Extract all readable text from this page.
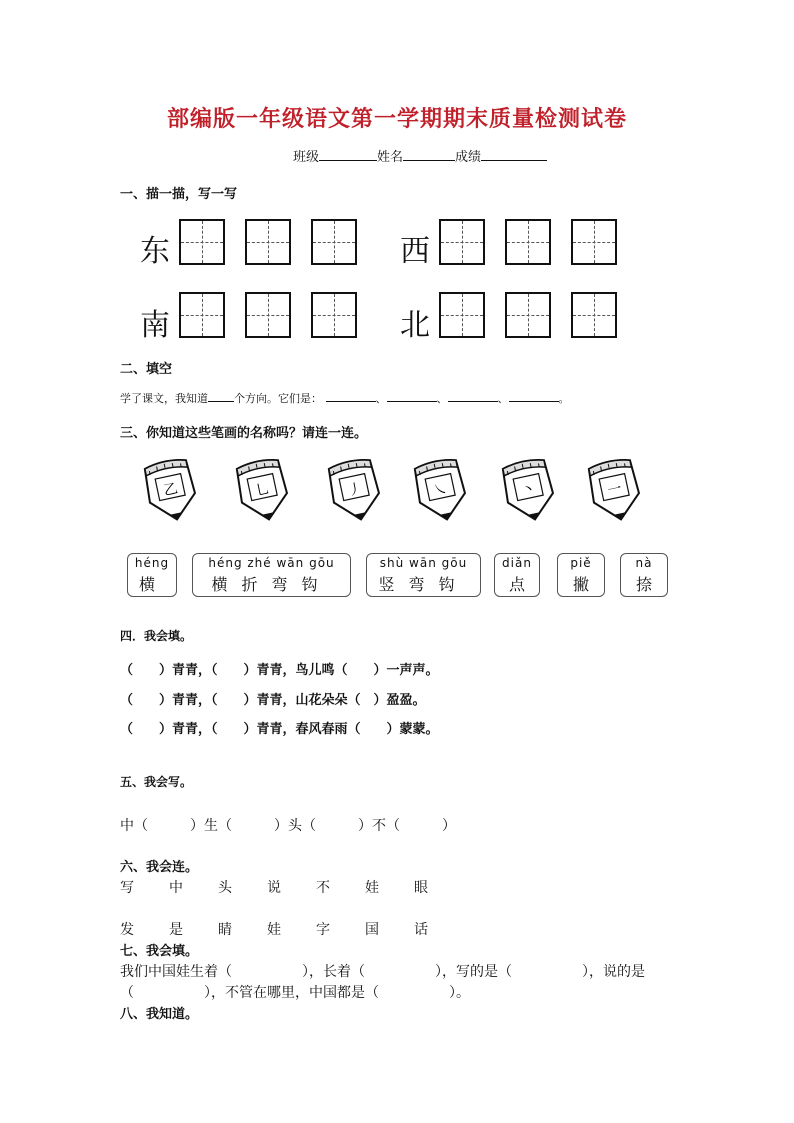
部编版一年级语文第一学期期末质量检测试卷
班级	姓名	成绩
一、描一描，写一写
东	西
南	北
二、填空
学了课文，我知道 个方向。它们是：	、	、	、	。
三、你知道这些笔画的名称吗？请连一连。
乙	乚	丿	㇏	丶	一
héng
横
héng zhé wān gōu
横折弯钩
shù wān gōu
竖弯钩
diǎn
点
piě
撇
nà
捺
四．我会填。
（　　）青青，（　　）青青，鸟儿鸣（　　）一声声。
（　　）青青，（　　）青青，山花朵朵（　）盈盈。
（　　）青青，（　　）青青，春风春雨（　　）蒙蒙。
五、我会写。
中（　　　）生（　　　）头（　　　）不（　　　）
六、我会连。
写	中	头	说	不	娃	眼
发	是	睛	娃	字	国	话
七、我会填。
我们中国娃生着（　　　　　），长着（　　　　　），写的是（　　　　　），说的是
（　　　　　），不管在哪里，中国都是（　　　　　）。
八、我知道。
